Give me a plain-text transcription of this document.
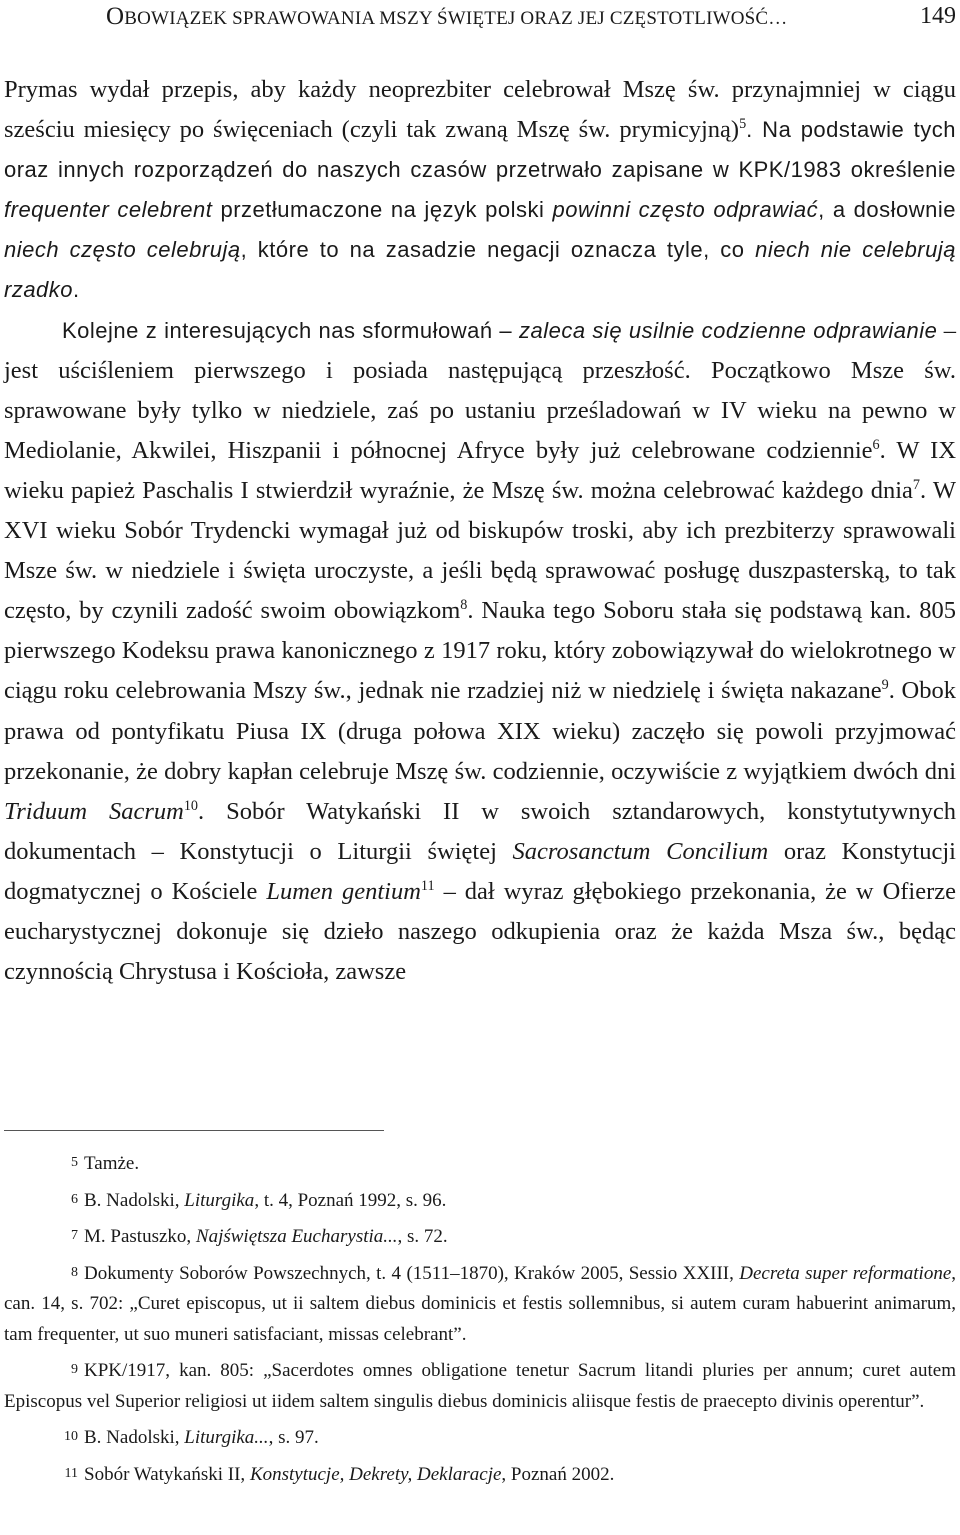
OBOWIĄZEK SPRAWOWANIA MSZY ŚWIĘTEJ ORAZ JEJ CZĘSTOTLIWOŚĆ…	149

Prymas wydał przepis, aby każdy neoprezbiter celebrował Mszę św. przynajmniej w ciągu sześciu miesięcy po święceniach (czyli tak zwaną Mszę św. prymicyjną)$^5$. Na podstawie tych oraz innych rozporządzeń do naszych czasów przetrwało zapisane w KPK/1983 określenie frequenter celebrent przetłumaczone na język polski powinni często odprawiać, a dosłownie niech często celebrują, które to na zasadzie negacji oznacza tyle, co niech nie celebrują rzadko.

Kolejne z interesujących nas sformułowań – zaleca się usilnie codzienne odprawianie – jest uściśleniem pierwszego i posiada następującą przeszłość. Początkowo Msze św. sprawowane były tylko w niedziele, zaś po ustaniu prześladowań w IV wieku na pewno w Mediolanie, Akwilei, Hiszpanii i północnej Afryce były już celebrowane codziennie$^6$. W IX wieku papież Paschalis I stwierdził wyraźnie, że Mszę św. można celebrować każdego dnia$^7$. W XVI wieku Sobór Trydencki wymagał już od biskupów troski, aby ich prezbiterzy sprawowali Msze św. w niedziele i święta uroczyste, a jeśli będą sprawować posługę duszpasterską, to tak często, by czynili zadość swoim obowiązkom$^8$. Nauka tego Soboru stała się podstawą kan. 805 pierwszego Kodeksu prawa kanonicznego z 1917 roku, który zobowiązywał do wielokrotnego w ciągu roku celebrowania Mszy św., jednak nie rzadziej niż w niedzielę i święta nakazane$^9$. Obok prawa od pontyfikatu Piusa IX (druga połowa XIX wieku) zaczęło się powoli przyjmować przekonanie, że dobry kapłan celebruje Mszę św. codziennie, oczywiście z wyjątkiem dwóch dni Triduum Sacrum$^{10}$. Sobór Watykański II w swoich sztandarowych, konstytutywnych dokumentach – Konstytucji o Liturgii świętej Sacrosanctum Concilium oraz Konstytucji dogmatycznej o Kościele Lumen gentium$^{11}$ – dał wyraz głębokiego przekonania, że w Ofierze eucharystycznej dokonuje się dzieło naszego odkupienia oraz że każda Msza św., będąc czynnością Chrystusa i Kościoła, zawsze

5 Tamże.

6 B. Nadolski, Liturgika, t. 4, Poznań 1992, s. 96.

7 M. Pastuszko, Najświętsza Eucharystia..., s. 72.

8 Dokumenty Soborów Powszechnych, t. 4 (1511–1870), Kraków 2005, Sessio XXIII, Decreta super reformatione, can. 14, s. 702: „Curet episcopus, ut ii saltem diebus dominicis et festis sollemnibus, si autem curam habuerint animarum, tam frequenter, ut suo muneri satisfaciant, missas celebrant”.

9 KPK/1917, kan. 805: „Sacerdotes omnes obligatione tenetur Sacrum litandi pluries per annum; curet autem Episcopus vel Superior religiosi ut iidem saltem singulis diebus dominicis aliisque festis de praecepto divinis operentur”.

10 B. Nadolski, Liturgika..., s. 97.

11 Sobór Watykański II, Konstytucje, Dekrety, Deklaracje, Poznań 2002.
